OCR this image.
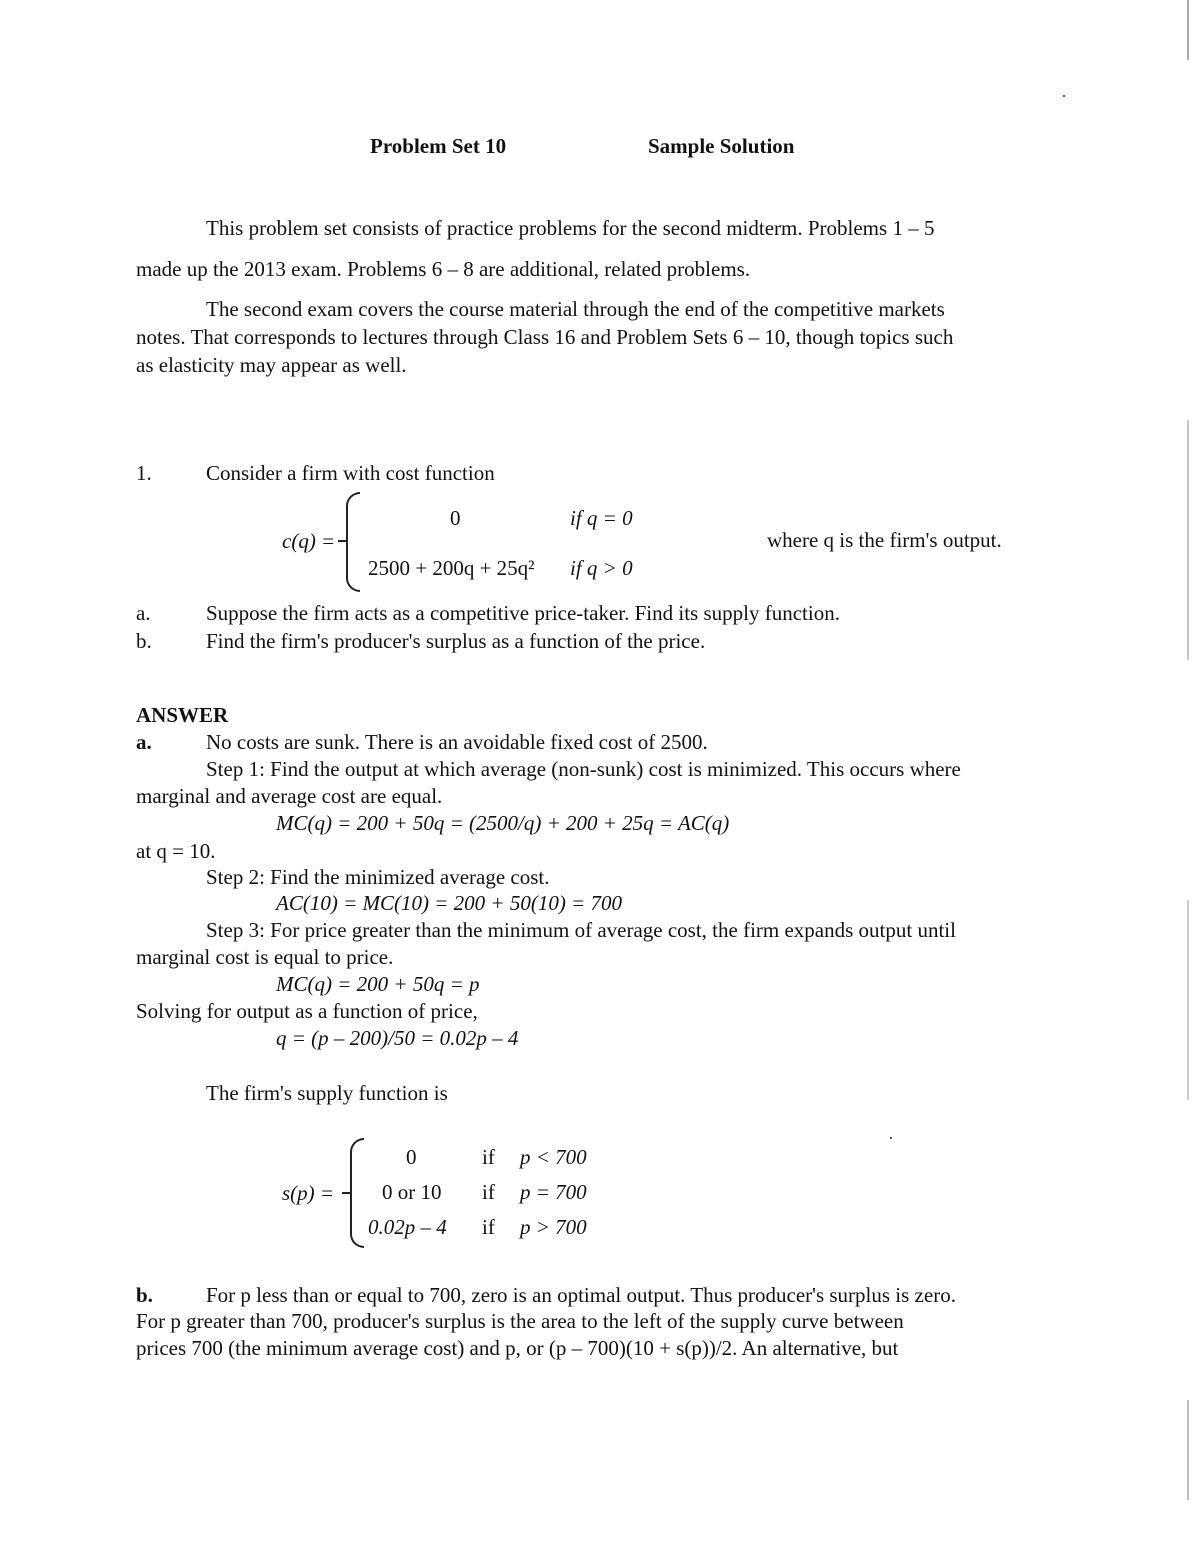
Problem Set 10	Sample Solution
This problem set consists of practice problems for the second midterm. Problems 1 – 5
made up the 2013 exam. Problems 6 – 8 are additional, related problems.
The second exam covers the course material through the end of the competitive markets
notes. That corresponds to lectures through Class 16 and Problem Sets 6 – 10, though topics such
as elasticity may appear as well.
1.	Consider a firm with cost function
c(q) =
0	if q = 0
2500 + 200q + 25q² if q > 0
where q is the firm's output.
a.	Suppose the firm acts as a competitive price-taker. Find its supply function.
b.	Find the firm's producer's surplus as a function of the price.
ANSWER
a.	No costs are sunk. There is an avoidable fixed cost of 2500.
Step 1: Find the output at which average (non-sunk) cost is minimized. This occurs where
marginal and average cost are equal.
MC(q) = 200 + 50q = (2500/q) + 200 + 25q = AC(q)
at q = 10.
Step 2: Find the minimized average cost.
AC(10) = MC(10) = 200 + 50(10) = 700
Step 3: For price greater than the minimum of average cost, the firm expands output until
marginal cost is equal to price.
MC(q) = 200 + 50q = p
Solving for output as a function of price,
q = (p – 200)/50 = 0.02p – 4
The firm's supply function is
s(p) =
0	if p < 700
0 or 10 if p = 700
0.02p – 4 if p > 700
b.	For p less than or equal to 700, zero is an optimal output. Thus producer's surplus is zero.
For p greater than 700, producer's surplus is the area to the left of the supply curve between
prices 700 (the minimum average cost) and p, or (p – 700)(10 + s(p))/2. An alternative, but
